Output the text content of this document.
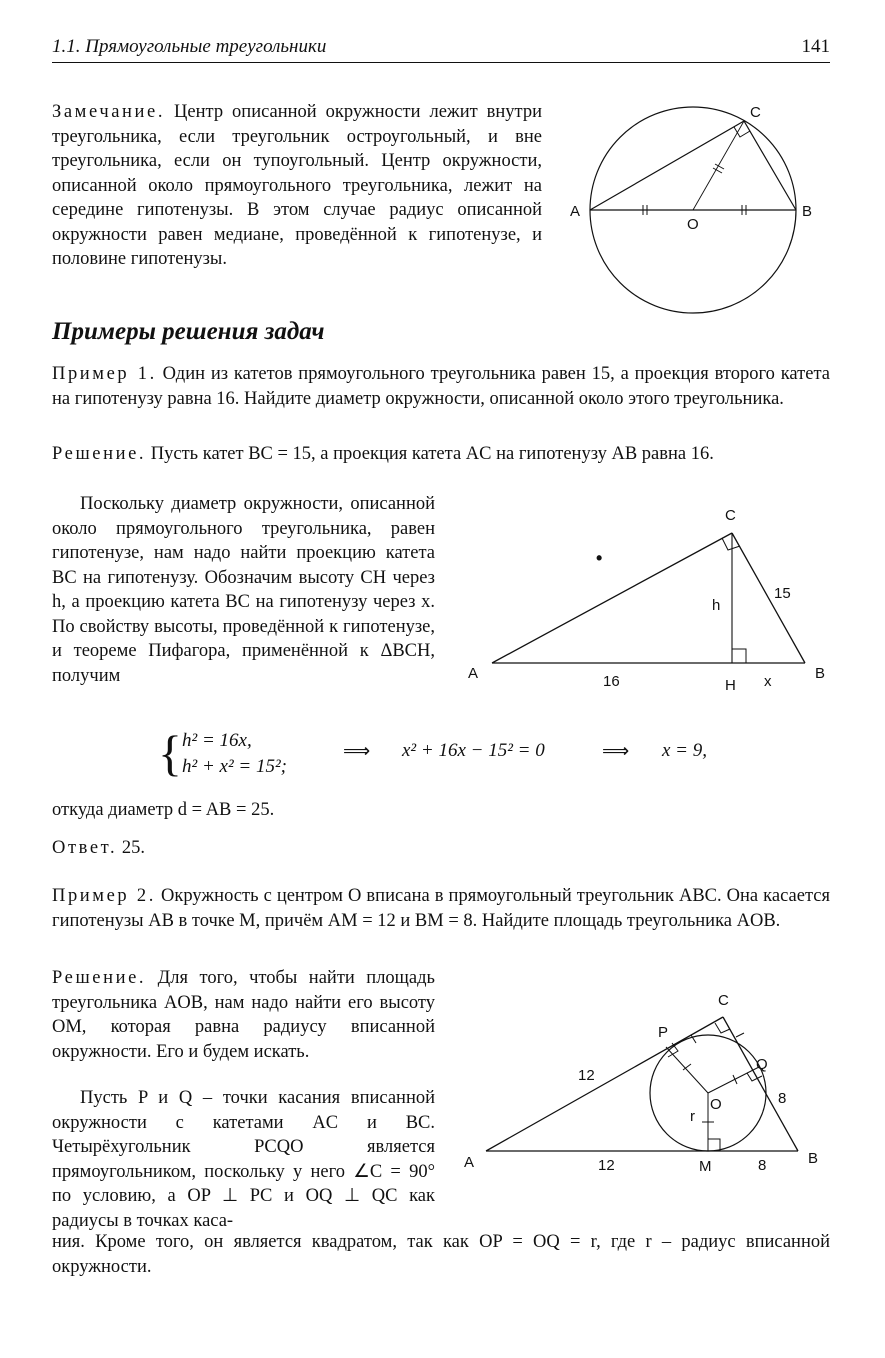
1.1. Прямоугольные треугольники	141
Замечание. Центр описанной окружности лежит внутри треугольника, если треугольник остроугольный, и вне треугольника, если он тупоугольный. Центр окружности, описанной около прямоугольного треугольника, лежит на середине гипотенузы. В этом случае радиус описанной окружности равен медиане, проведённой к гипотенузе, и половине гипотенузы.
A	B
C
O
Примеры решения задач
Пример 1. Один из катетов прямоугольного треугольника равен 15, а проекция второго катета на гипотенузу равна 16. Найдите диаметр окружности, описанной около этого треугольника.
Решение. Пусть катет BC = 15, а проекция катета AC на гипотенузу AB равна 16.
Поскольку диаметр окружности, описанной около прямоугольного треугольника, равен гипотенузе, нам надо найти проекцию катета BC на гипотенузу. Обозначим высоту CH через h, а проекцию катета BC на гипотенузу через x. По свойству высоты, проведённой к гипотенузе, и теореме Пифагора, применённой к ΔBCH, получим
•
A	B
C
H
h
15
16	x
{ h² = 16x,
h² + x² = 15²;
⟹ x² + 16x − 15² = 0	⟹ x = 9,
откуда диаметр d = AB = 25.
Ответ. 25.
Пример 2. Окружность с центром O вписана в прямоугольный треугольник ABC. Она касается гипотенузы AB в точке M, причём AM = 12 и BM = 8. Найдите площадь треугольника AOB.
Решение. Для того, чтобы найти площадь треугольника AOB, нам надо найти его высоту OM, которая равна радиусу вписанной окружности. Его и будем искать.
Пусть P и Q – точки касания вписанной окружности с катетами AC и BC. Четырёхугольник PCQO является прямоугольником, поскольку у него ∠C = 90° по условию, а OP ⊥ PC и OQ ⊥ QC как радиусы в точках каса-
ния. Кроме того, он является квадратом, так как OP = OQ = r, где r – радиус вписанной окружности.
A	B
C
P
Q
O
M
r
12
12	8
8
